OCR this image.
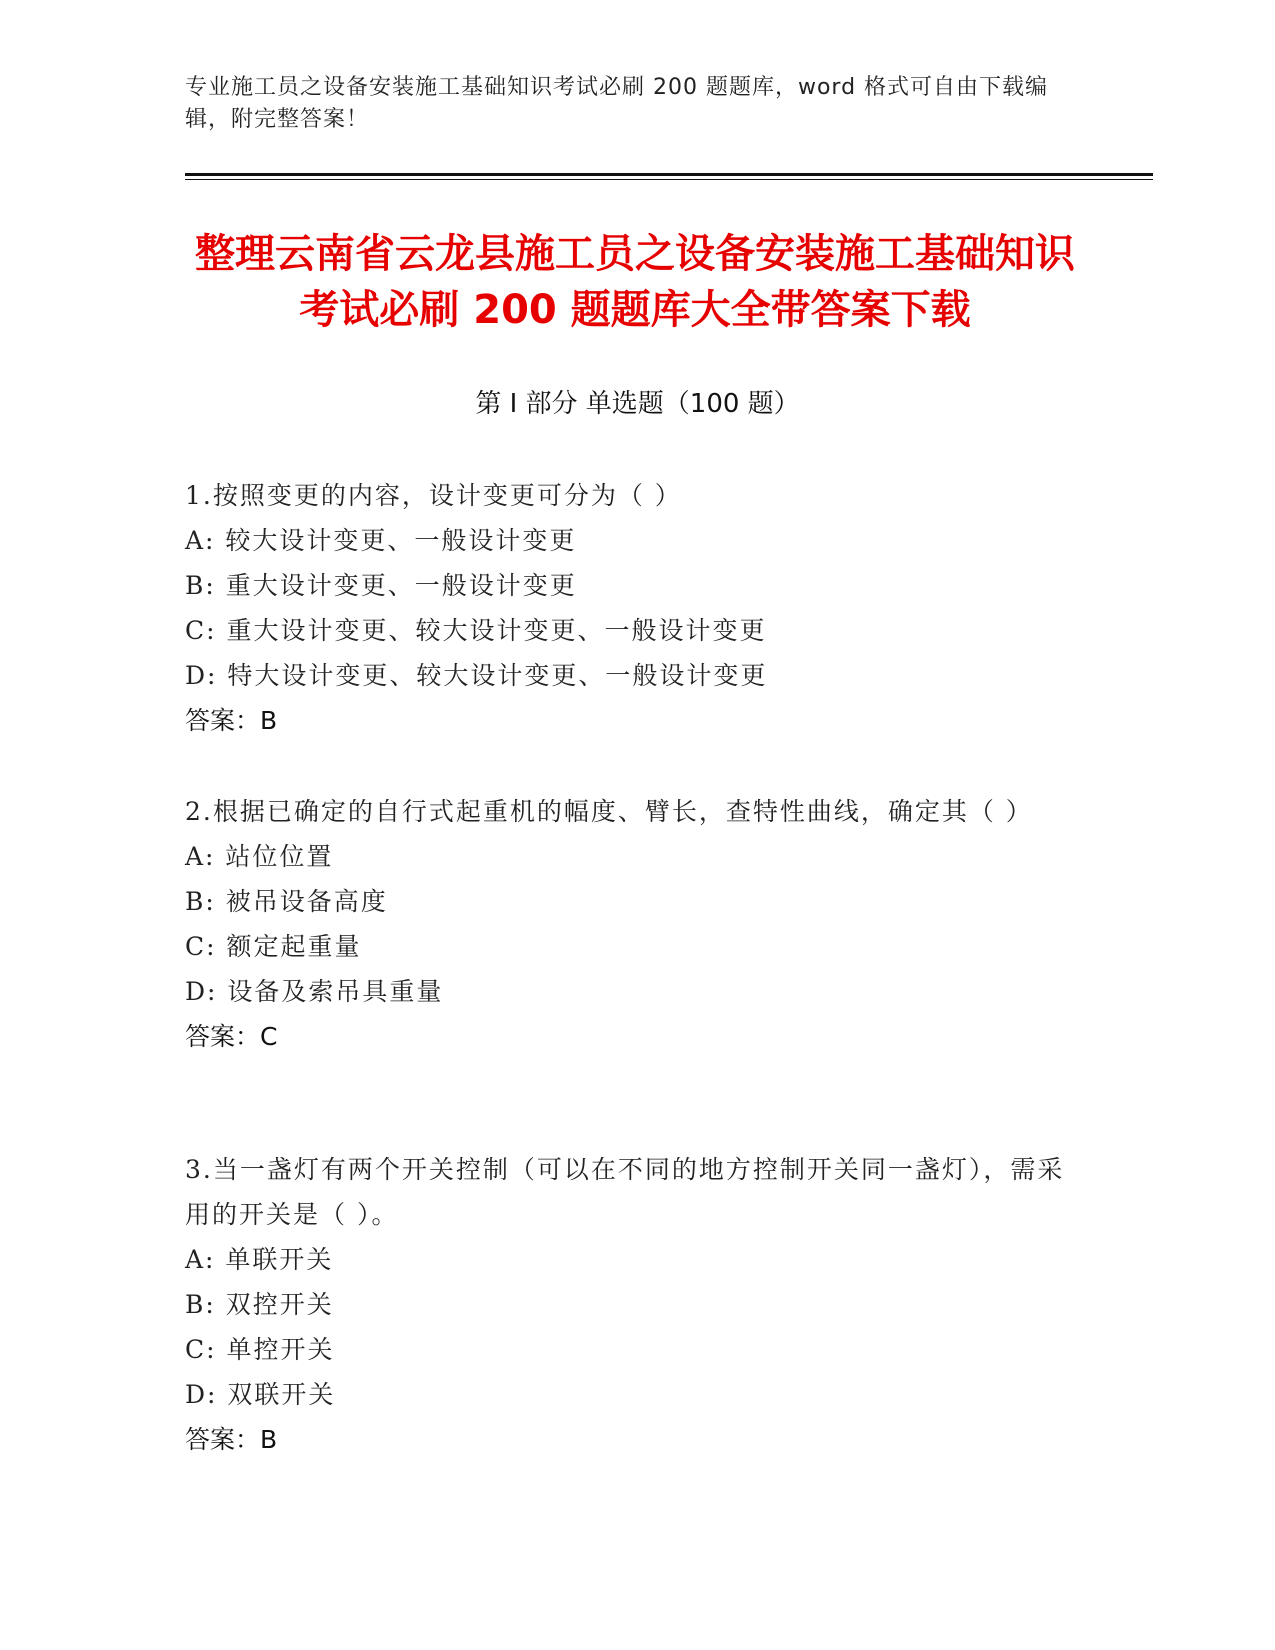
专业施工员之设备安装施工基础知识考试必刷 200 题题库，word 格式可自由下载编辑，附完整答案！
整理云南省云龙县施工员之设备安装施工基础知识考试必刷 200 题题库大全带答案下载
第 I 部分 单选题（100 题）
1.按照变更的内容，设计变更可分为（ ）
A: 较大设计变更、一般设计变更
B: 重大设计变更、一般设计变更
C: 重大设计变更、较大设计变更、一般设计变更
D: 特大设计变更、较大设计变更、一般设计变更
答案：B
2.根据已确定的自行式起重机的幅度、臂长，查特性曲线，确定其（ ）
A: 站位位置
B: 被吊设备高度
C: 额定起重量
D: 设备及索吊具重量
答案：C
3.当一盏灯有两个开关控制（可以在不同的地方控制开关同一盏灯），需采用的开关是（ ）。
A: 单联开关
B: 双控开关
C: 单控开关
D: 双联开关
答案：B
